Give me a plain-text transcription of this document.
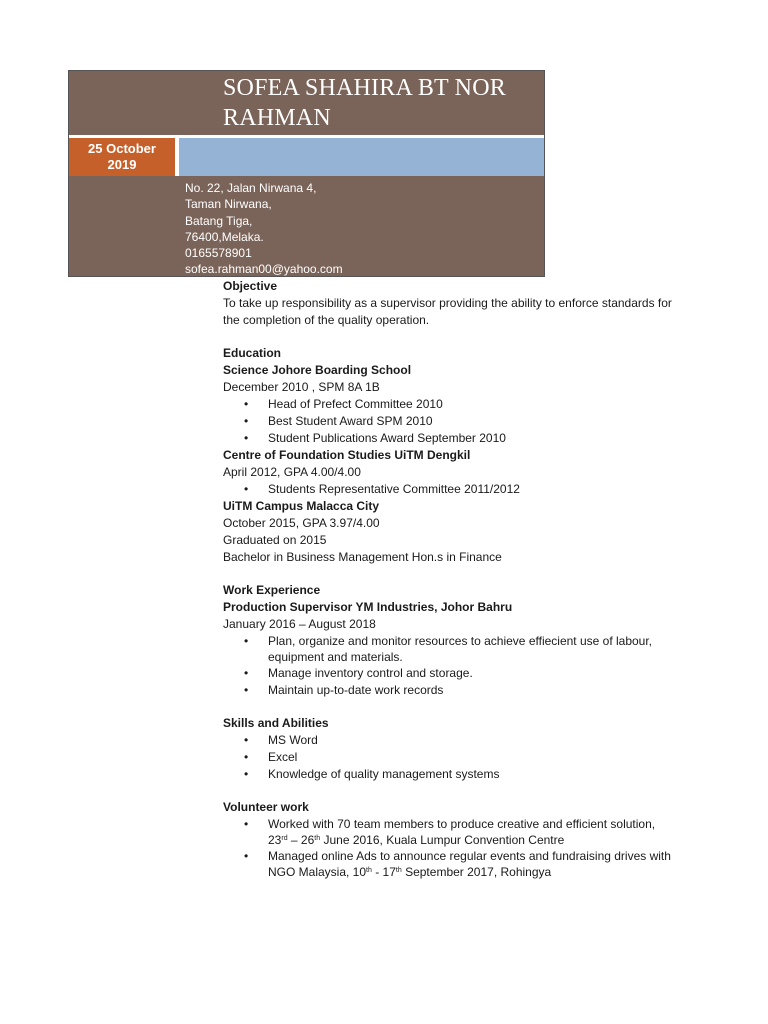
SOFEA SHAHIRA BT NOR
RAHMAN
25 October
2019
No. 22, Jalan Nirwana 4,
Taman Nirwana,
Batang Tiga,
76400,Melaka.
0165578901
sofea.rahman00@yahoo.com
Objective
To take up responsibility as a supervisor providing the ability to enforce standards for the completion of the quality operation.
Education
Science Johore Boarding School
December 2010 , SPM 8A 1B
• Head of Prefect Committee 2010
• Best Student Award SPM 2010
• Student Publications Award September 2010
Centre of Foundation Studies UiTM Dengkil
April 2012, GPA 4.00/4.00
• Students Representative Committee 2011/2012
UiTM Campus Malacca City
October 2015, GPA 3.97/4.00
Graduated on 2015
Bachelor in Business Management Hon.s in Finance
Work Experience
Production Supervisor YM Industries, Johor Bahru
January 2016 – August 2018
• Plan, organize and monitor resources to achieve effiecient use of labour, equipment and materials.
• Manage inventory control and storage.
• Maintain up-to-date work records
Skills and Abilities
• MS Word
• Excel
• Knowledge of quality management systems
Volunteer work
• Worked with 70 team members to produce creative and efficient solution, 23rd – 26th June 2016, Kuala Lumpur Convention Centre
• Managed online Ads to announce regular events and fundraising drives with NGO Malaysia, 10th - 17th September 2017, Rohingya
